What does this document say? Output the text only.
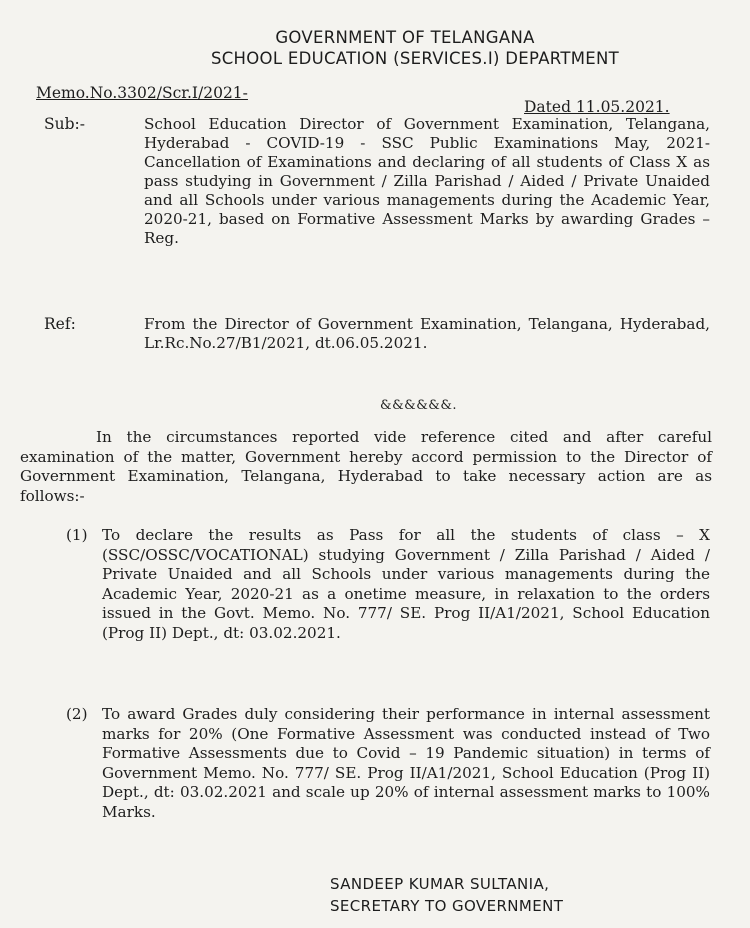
GOVERNMENT OF TELANGANA
SCHOOL EDUCATION (SERVICES.I) DEPARTMENT
Memo.No.3302/Scr.I/2021-
Dated 11.05.2021.
Sub:-	School Education Director of Government Examination, Telangana, Hyderabad - COVID-19 - SSC Public Examinations May, 2021- Cancellation of Examinations and declaring of all students of Class X as pass studying in Government / Zilla Parishad / Aided / Private Unaided and all Schools under various managements during the Academic Year, 2020-21, based on Formative Assessment Marks by awarding Grades – Reg.
Ref:	From the Director of Government Examination, Telangana, Hyderabad, Lr.Rc.No.27/B1/2021, dt.06.05.2021.
&&&&&&.
In the circumstances reported vide reference cited and after careful examination of the matter, Government hereby accord permission to the Director of Government Examination, Telangana, Hyderabad to take necessary action are as follows:-
(1) To declare the results as Pass for all the students of class – X (SSC/OSSC/VOCATIONAL) studying Government / Zilla Parishad / Aided / Private Unaided and all Schools under various managements during the Academic Year, 2020-21 as a onetime measure, in relaxation to the orders issued in the Govt. Memo. No. 777/ SE. Prog II/A1/2021, School Education (Prog II) Dept., dt: 03.02.2021.
(2) To award Grades duly considering their performance in internal assessment marks for 20% (One Formative Assessment was conducted instead of Two Formative Assessments due to Covid – 19 Pandemic situation) in terms of Government Memo. No. 777/ SE. Prog II/A1/2021, School Education (Prog II) Dept., dt: 03.02.2021 and scale up 20% of internal assessment marks to 100% Marks.
SANDEEP KUMAR SULTANIA,
SECRETARY TO GOVERNMENT
